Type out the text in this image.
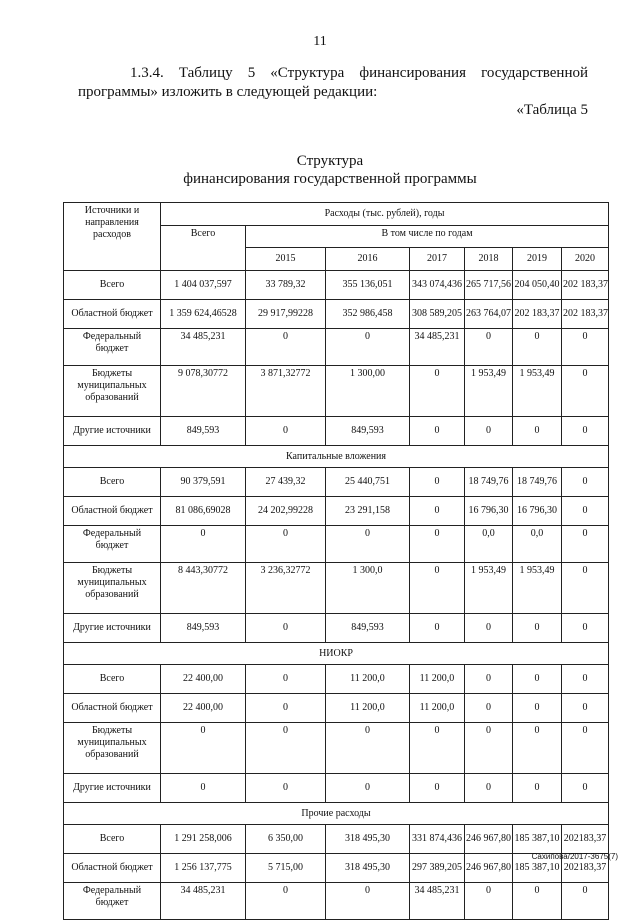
11
1.3.4. Таблицу 5 «Структура финансирования государственной
программы» изложить в следующей редакции:
«Таблица 5
Структура
финансирования государственной программы
Источники и направления расходов	Расходы (тыс. рублей), годы						
	Всего	В том числе по годам					
		2015	2016	2017	2018	2019	2020
Всего	1 404 037,597	33 789,32	355 136,051	343 074,436	265 717,56	204 050,40	202 183,37
Областной бюджет	1 359 624,46528	29 917,99228	352 986,458	308 589,205	263 764,07	202 183,37	202 183,37
Федеральный бюджет	34 485,231	0	0	34 485,231	0	0	0
Бюджеты муниципальных образований	9 078,30772	3 871,32772	1 300,00	0	1 953,49	1 953,49	0
Другие источники	849,593	0	849,593	0	0	0	0
Капитальные вложения							
Всего	90 379,591	27 439,32	25 440,751	0	18 749,76	18 749,76	0
Областной бюджет	81 086,69028	24 202,99228	23 291,158	0	16 796,30	16 796,30	0
Федеральный бюджет	0	0	0	0	0,0	0,0	0
Бюджеты муниципальных образований	8 443,30772	3 236,32772	1 300,0	0	1 953,49	1 953,49	0
Другие источники	849,593	0	849,593	0	0	0	0
НИОКР							
Всего	22 400,00	0	11 200,0	11 200,0	0	0	0
Областной бюджет	22 400,00	0	11 200,0	11 200,0	0	0	0
Бюджеты муниципальных образований	0	0	0	0	0	0	0
Другие источники	0	0	0	0	0	0	0
Прочие расходы							
Всего	1 291 258,006	6 350,00	318 495,30	331 874,436	246 967,80	185 387,10	202183,37
Областной бюджет	1 256 137,775	5 715,00	318 495,30	297 389,205	246 967,80	185 387,10	202183,37
Федеральный бюджет	34 485,231	0	0	34 485,231	0	0	0
Сахипова/2017-3675(7)
